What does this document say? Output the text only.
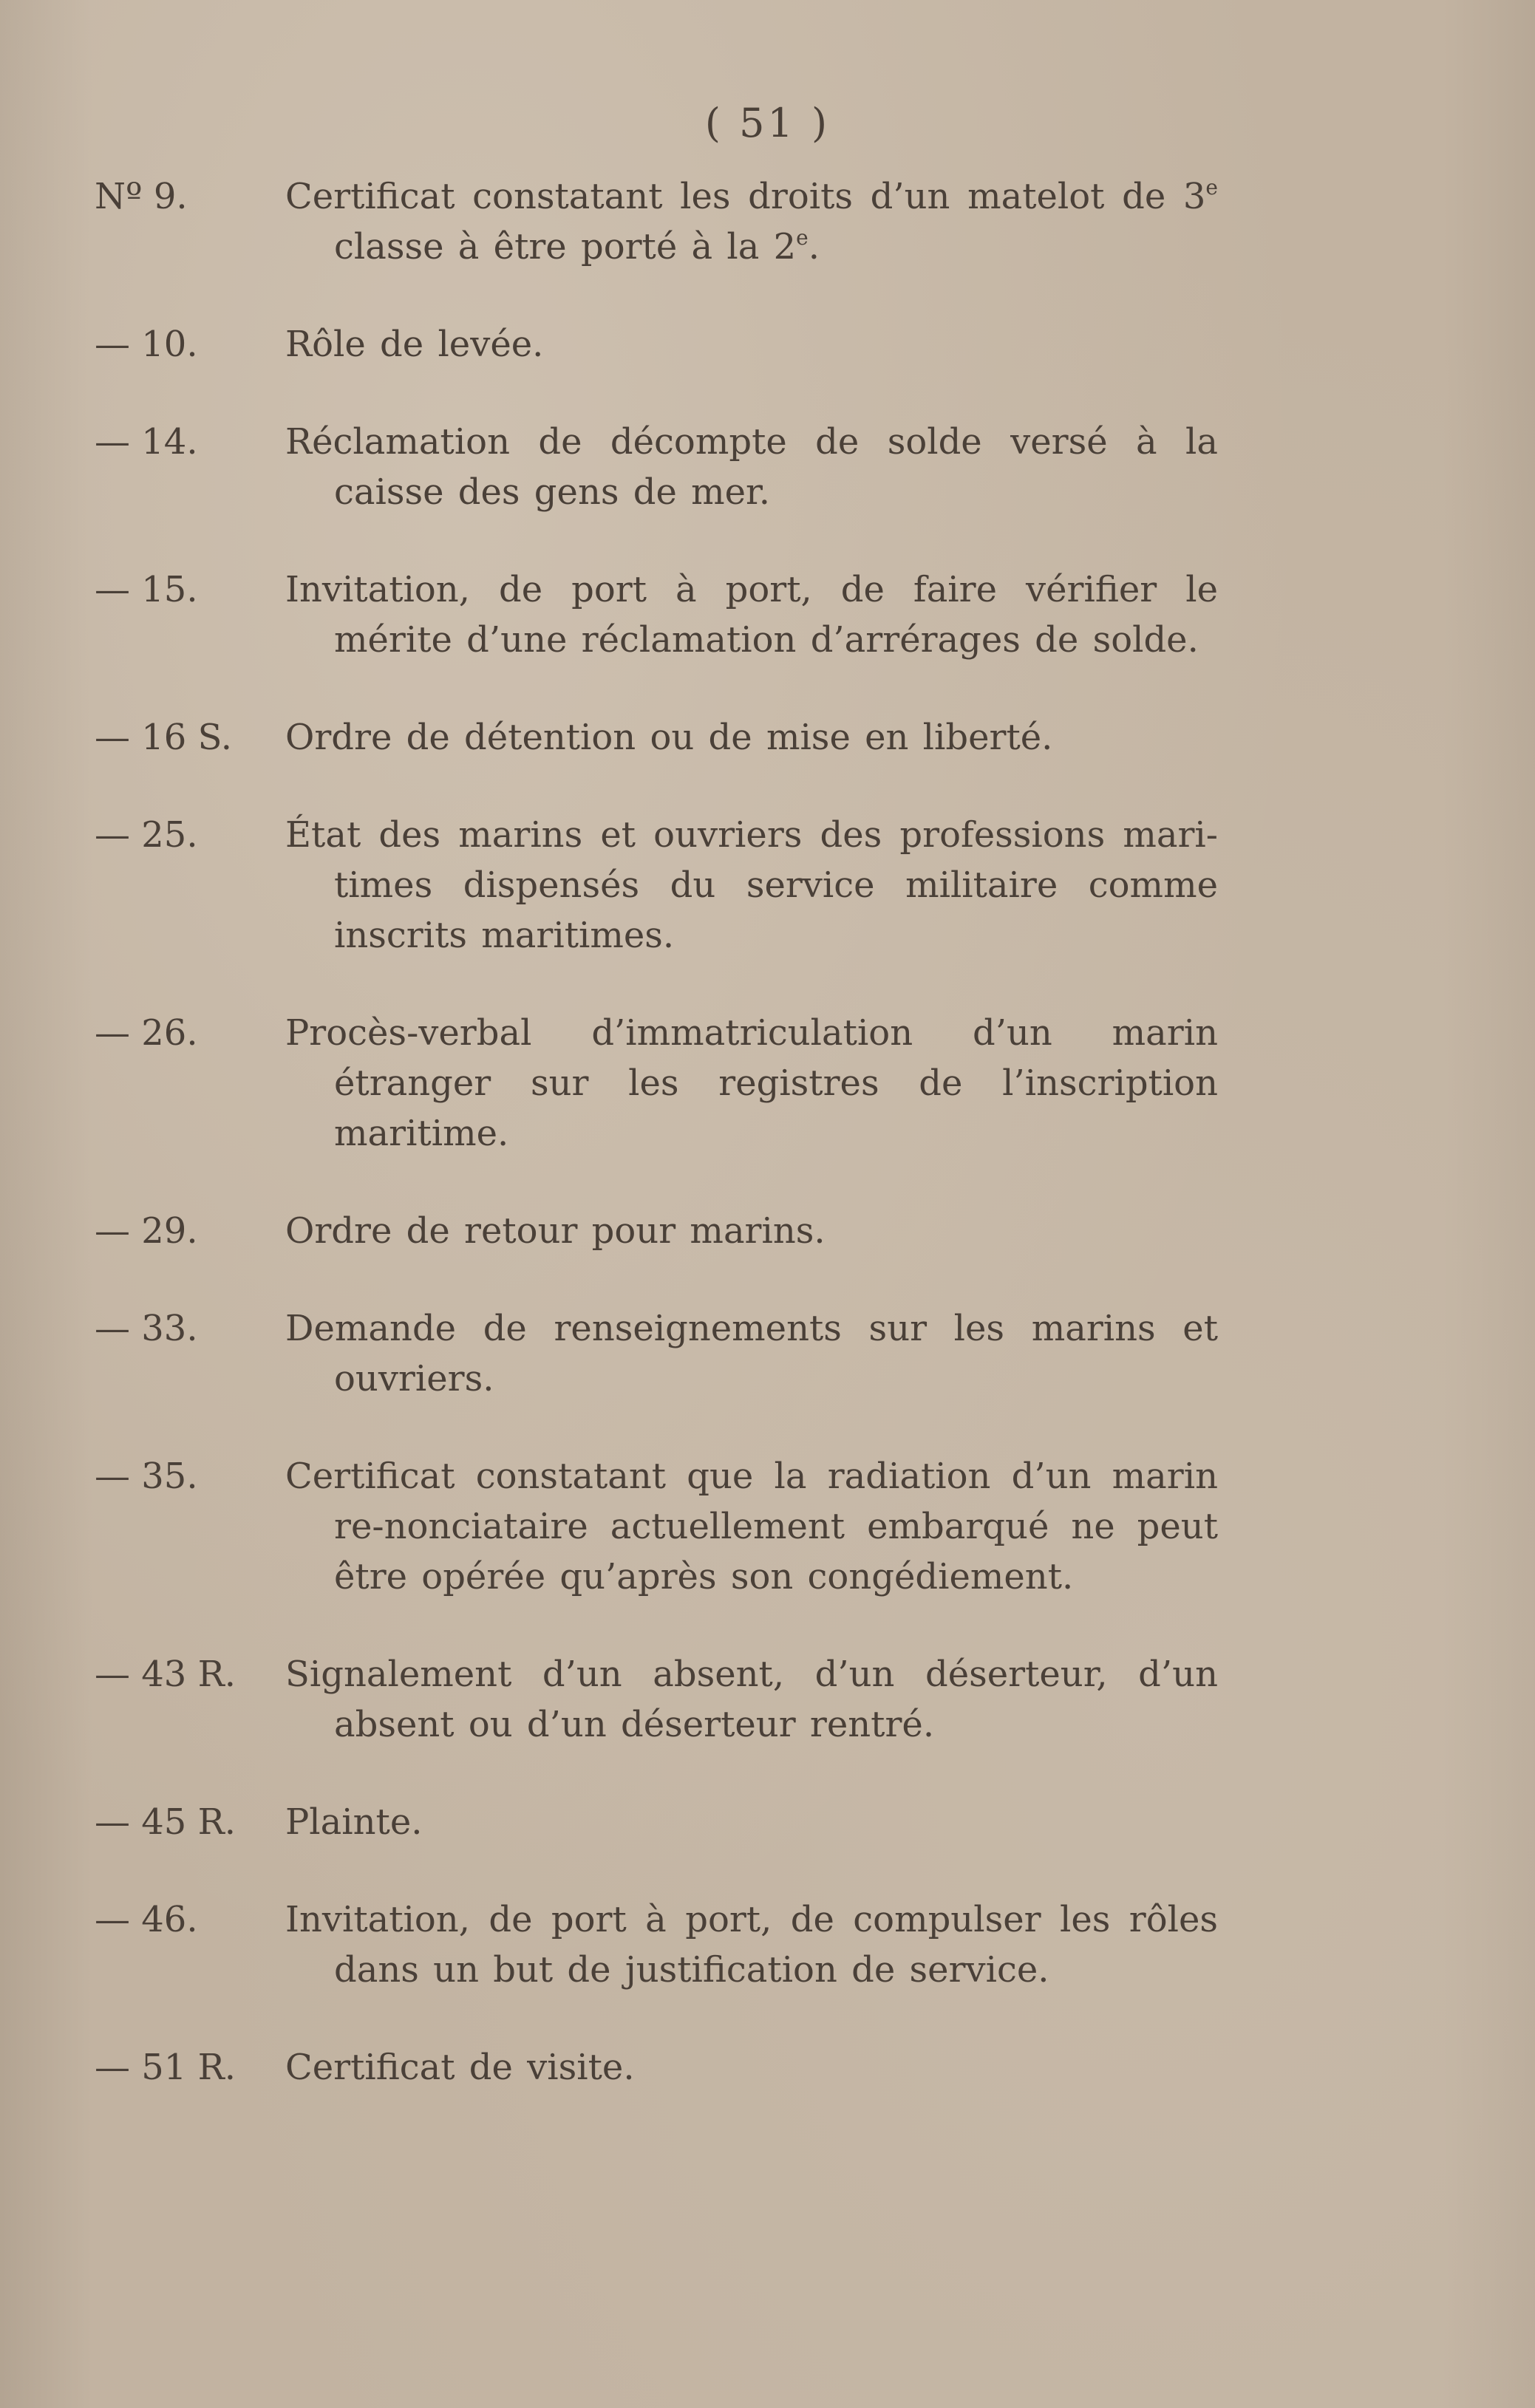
( 51 )
Nº 9.	Certificat constatant les droits d’un matelot de 3e classe à être porté à la 2e.
— 10.	Rôle de levée.
— 14.	Réclamation de décompte de solde versé à la caisse des gens de mer.
— 15.	Invitation, de port à port, de faire vérifier le mérite d’une réclamation d’arrérages de solde.
— 16 S.	Ordre de détention ou de mise en liberté.
— 25.	État des marins et ouvriers des professions mari-times dispensés du service militaire comme inscrits maritimes.
— 26.	Procès-verbal d’immatriculation d’un marin étranger sur les registres de l’inscription maritime.
— 29.	Ordre de retour pour marins.
— 33.	Demande de renseignements sur les marins et ouvriers.
— 35.	Certificat constatant que la radiation d’un marin re-nonciataire actuellement embarqué ne peut être opérée qu’après son congédiement.
— 43 R.	Signalement d’un absent, d’un déserteur, d’un absent ou d’un déserteur rentré.
— 45 R.	Plainte.
— 46.	Invitation, de port à port, de compulser les rôles dans un but de justification de service.
— 51 R.	Certificat de visite.
